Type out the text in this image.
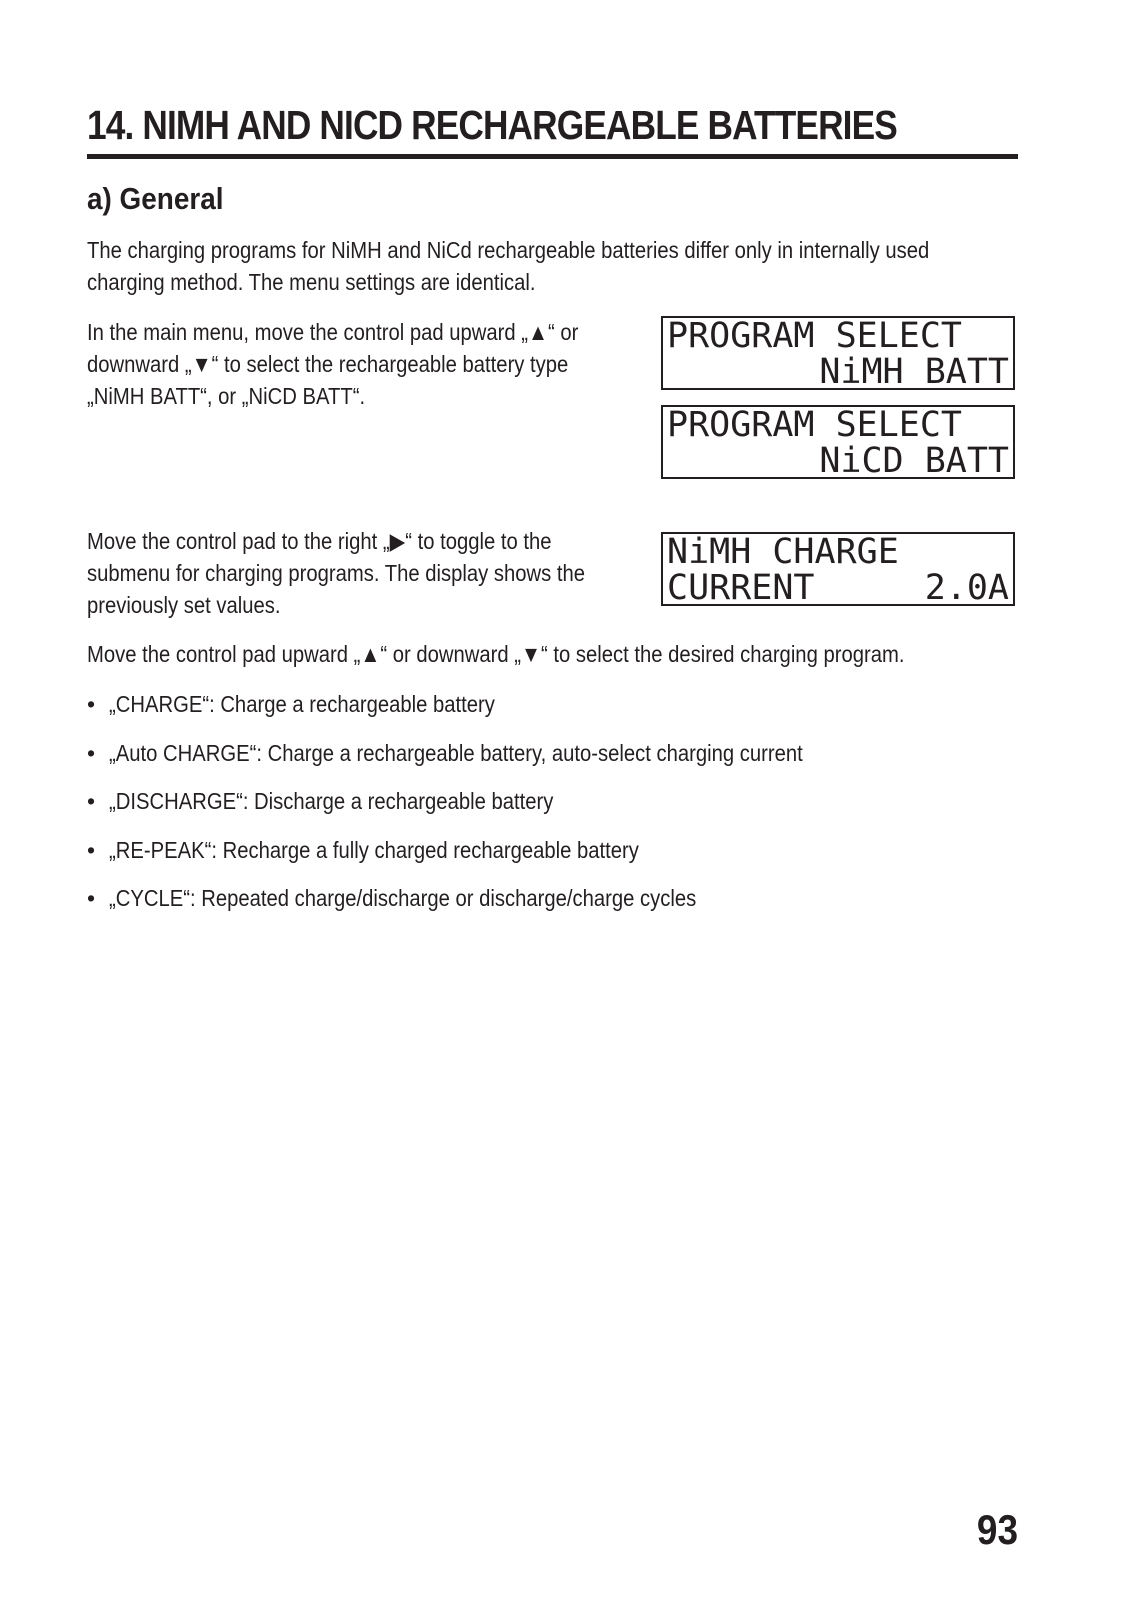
14. NIMH AND NICD RECHARGEABLE BATTERIES
a) General
The charging programs for NiMH and NiCd rechargeable batteries differ only in internally used
charging method. The menu settings are identical.
In the main menu, move the control pad upward „▲“ or
downward „▼“ to select the rechargeable battery type
„NiMH BATT“, or „NiCD BATT“.
PROGRAM SELECT
NiMH BATT
PROGRAM SELECT
NiCD BATT
Move the control pad to the right „▶“ to toggle to the
submenu for charging programs. The display shows the
previously set values.
NiMH CHARGE
CURRENT	2.0A
Move the control pad upward „▲“ or downward „▼“ to select the desired charging program.
• „CHARGE“: Charge a rechargeable battery
• „Auto CHARGE“: Charge a rechargeable battery, auto-select charging current
• „DISCHARGE“: Discharge a rechargeable battery
• „RE-PEAK“: Recharge a fully charged rechargeable battery
• „CYCLE“: Repeated charge/discharge or discharge/charge cycles
93
